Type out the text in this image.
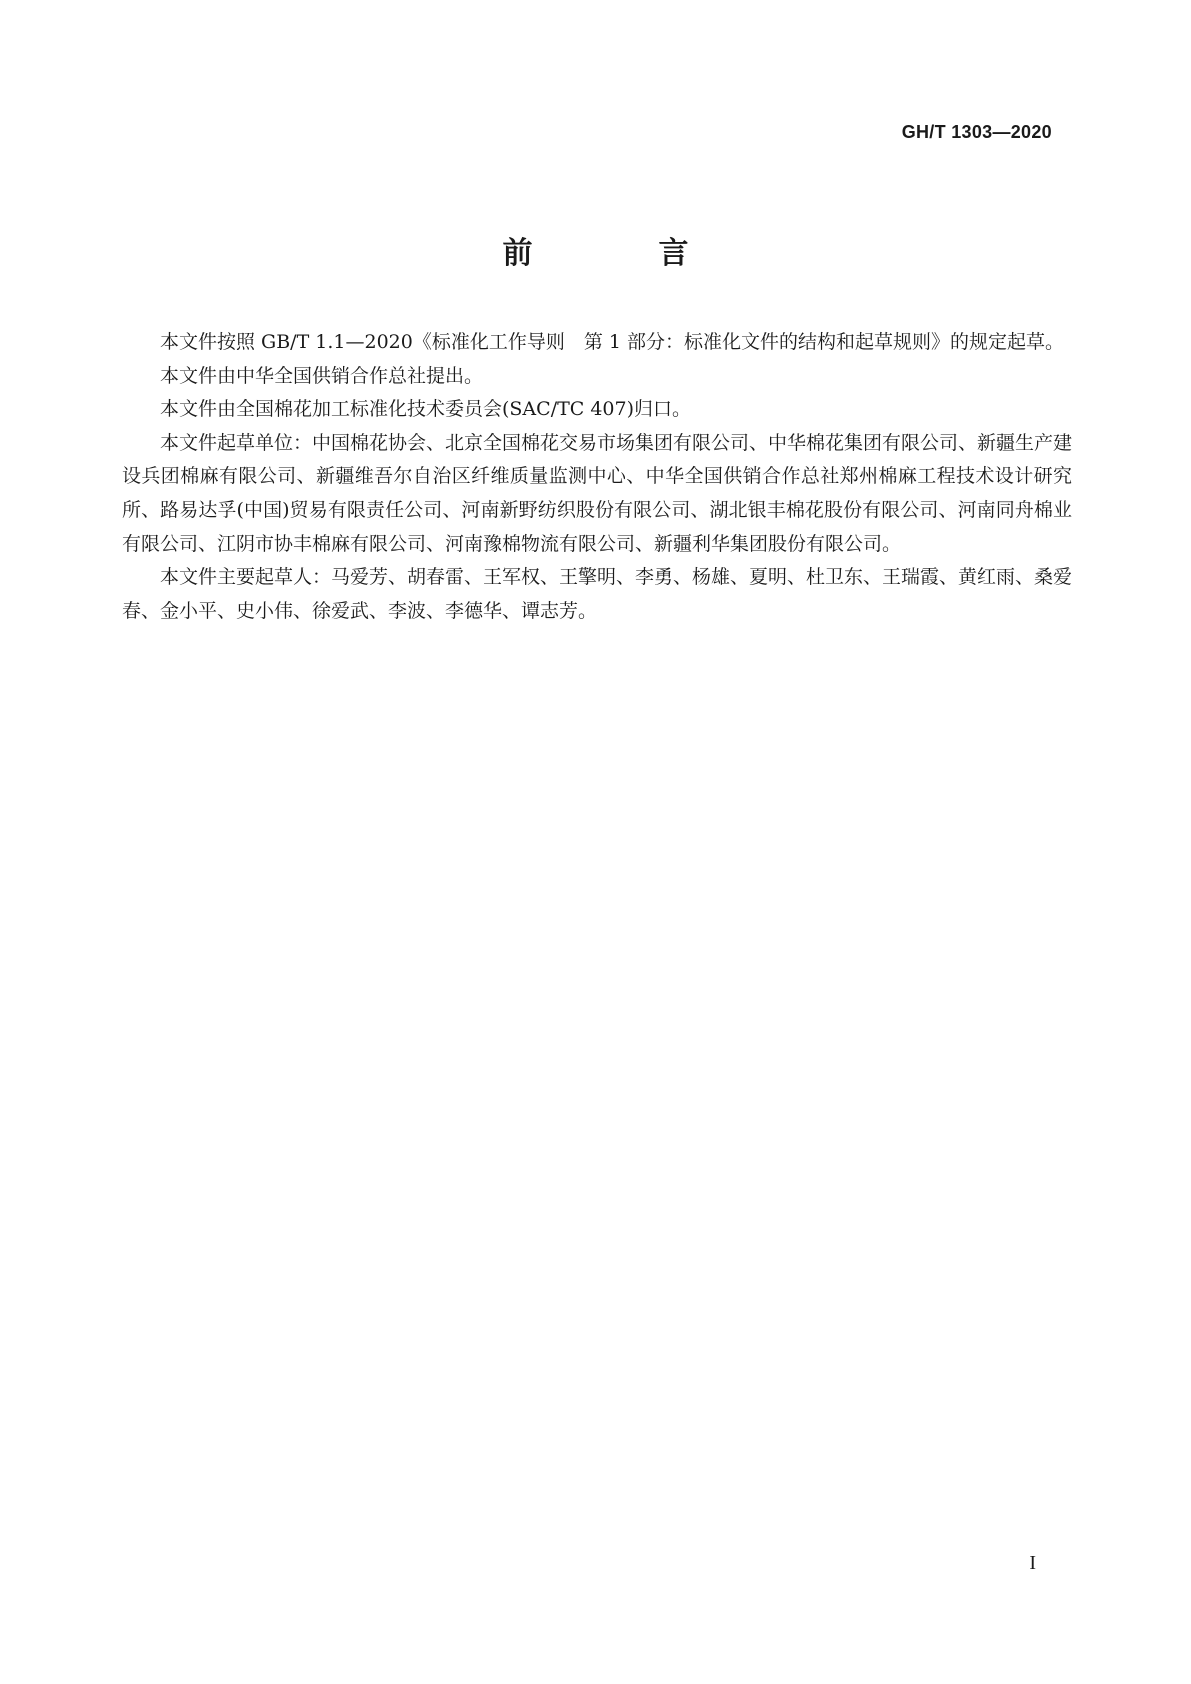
GH/T 1303—2020
前　言

本文件按照 GB/T 1.1—2020《标准化工作导则　第 1 部分：标准化文件的结构和起草规则》的规定起草。

本文件由中华全国供销合作总社提出。

本文件由全国棉花加工标准化技术委员会(SAC/TC 407)归口。

本文件起草单位：中国棉花协会、北京全国棉花交易市场集团有限公司、中华棉花集团有限公司、新疆生产建设兵团棉麻有限公司、新疆维吾尔自治区纤维质量监测中心、中华全国供销合作总社郑州棉麻工程技术设计研究所、路易达孚(中国)贸易有限责任公司、河南新野纺织股份有限公司、湖北银丰棉花股份有限公司、河南同舟棉业有限公司、江阴市协丰棉麻有限公司、河南豫棉物流有限公司、新疆利华集团股份有限公司。

本文件主要起草人：马爱芳、胡春雷、王军权、王擎明、李勇、杨雄、夏明、杜卫东、王瑞霞、黄红雨、桑爱春、金小平、史小伟、徐爱武、李波、李德华、谭志芳。

I
